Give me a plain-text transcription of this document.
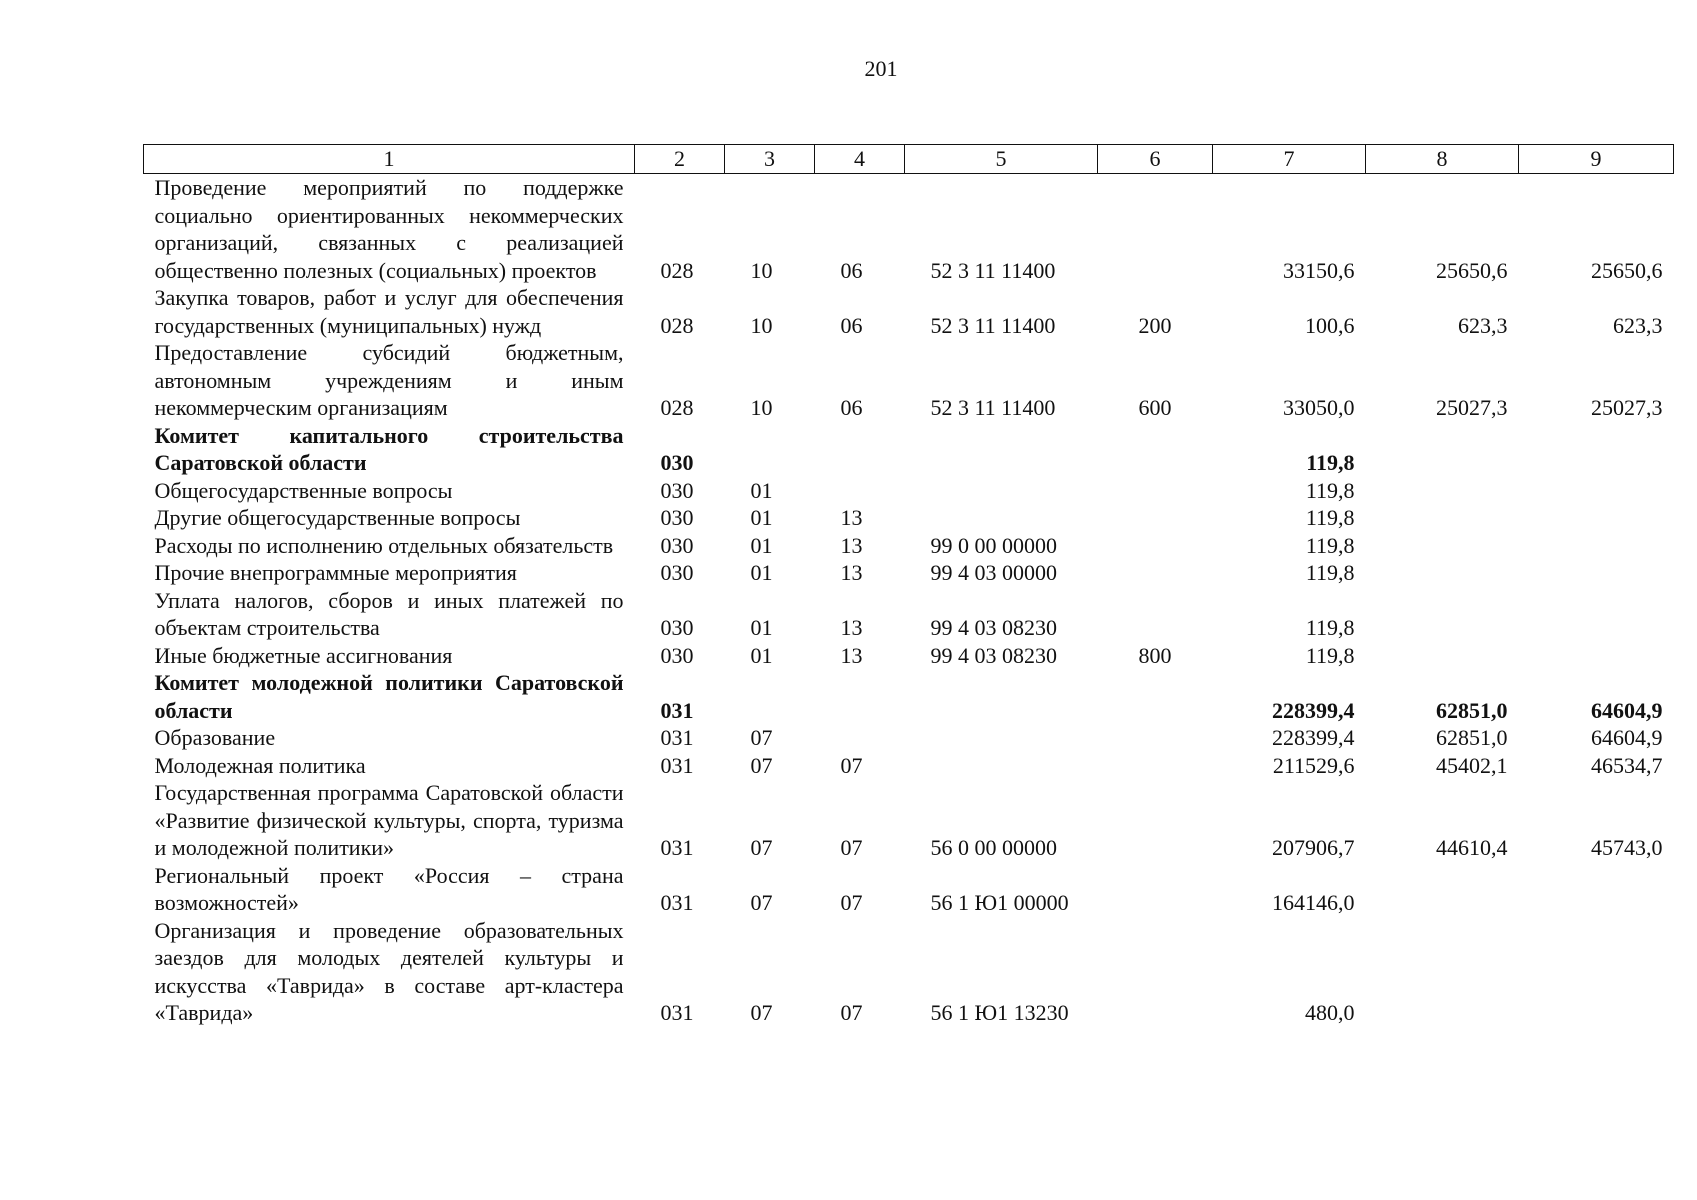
201
1	2	3	4	5	6	7	8	9
Проведение мероприятий по поддержке социально ориентированных некоммерческих организаций, связанных с реализацией общественно полезных (социальных) проектов	028	10	06	52 3 11 11400		33150,6	25650,6	25650,6
Закупка товаров, работ и услуг для обеспечения государственных (муниципальных) нужд	028	10	06	52 3 11 11400	200	100,6	623,3	623,3
Предоставление субсидий бюджетным, автономным учреждениям и иным некоммерческим организациям	028	10	06	52 3 11 11400	600	33050,0	25027,3	25027,3
Комитет капитального строительства Саратовской области	030					119,8		
Общегосударственные вопросы	030	01				119,8		
Другие общегосударственные вопросы	030	01	13			119,8		
Расходы по исполнению отдельных обязательств	030	01	13	99 0 00 00000		119,8		
Прочие внепрограммные мероприятия	030	01	13	99 4 03 00000		119,8		
Уплата налогов, сборов и иных платежей по объектам строительства	030	01	13	99 4 03 08230		119,8		
Иные бюджетные ассигнования	030	01	13	99 4 03 08230	800	119,8		
Комитет молодежной политики Саратовской области	031					228399,4	62851,0	64604,9
Образование	031	07				228399,4	62851,0	64604,9
Молодежная политика	031	07	07			211529,6	45402,1	46534,7
Государственная программа Саратовской области «Развитие физической культуры, спорта, туризма и молодежной политики»	031	07	07	56 0 00 00000		207906,7	44610,4	45743,0
Региональный проект «Россия – страна возможностей»	031	07	07	56 1 Ю1 00000		164146,0		
Организация и проведение образовательных заездов для молодых деятелей культуры и искусства «Таврида» в составе арт-кластера «Таврида»	031	07	07	56 1 Ю1 13230		480,0		
